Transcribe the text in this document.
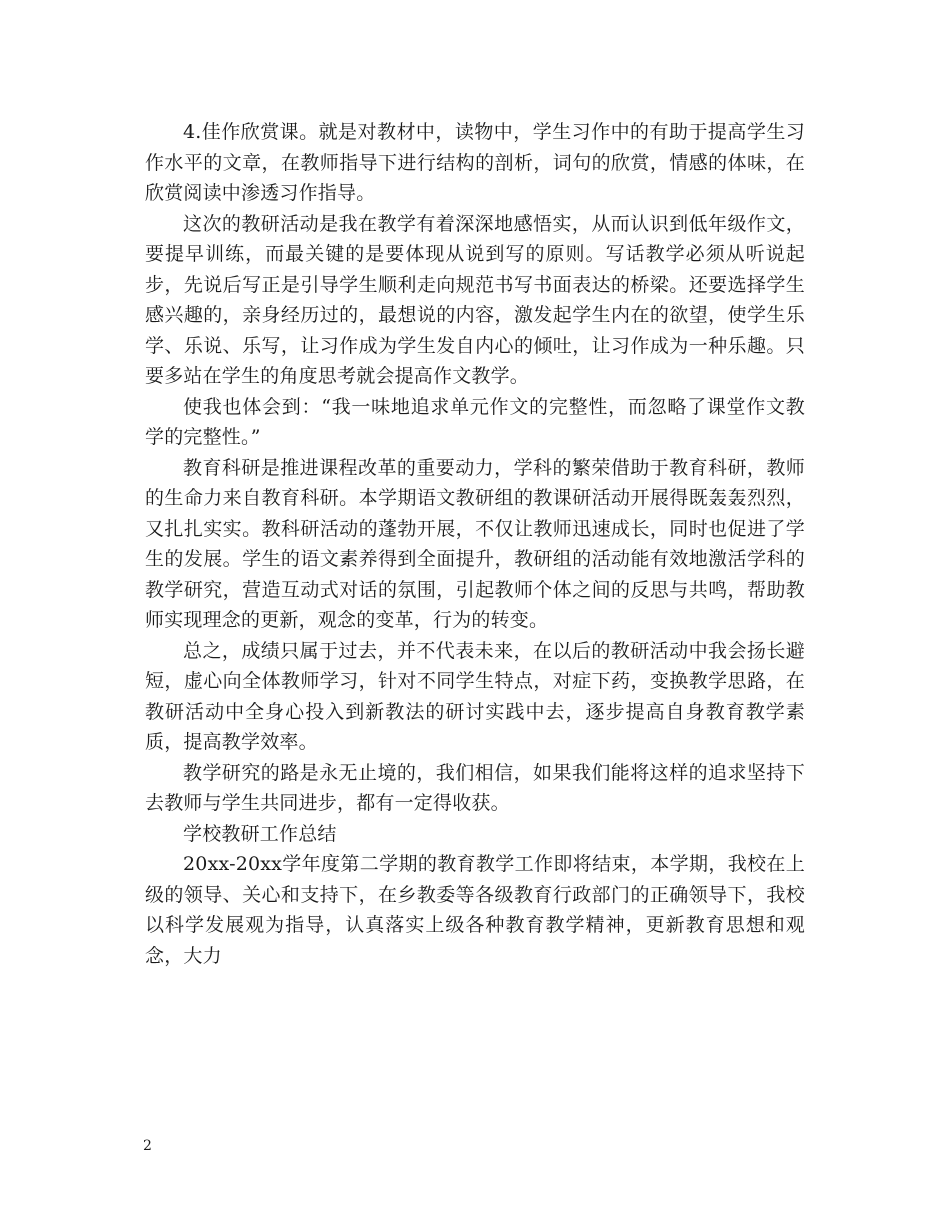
4.佳作欣赏课。就是对教材中，读物中，学生习作中的有助于提高学生习作水平的文章，在教师指导下进行结构的剖析，词句的欣赏，情感的体味，在欣赏阅读中渗透习作指导。

这次的教研活动是我在教学有着深深地感悟实，从而认识到低年级作文，要提早训练，而最关键的是要体现从说到写的原则。写话教学必须从听说起步，先说后写正是引导学生顺利走向规范书写书面表达的桥梁。还要选择学生感兴趣的，亲身经历过的，最想说的内容，激发起学生内在的欲望，使学生乐学、乐说、乐写，让习作成为学生发自内心的倾吐，让习作成为一种乐趣。只要多站在学生的角度思考就会提高作文教学。

使我也体会到：“我一味地追求单元作文的完整性，而忽略了课堂作文教学的完整性。”

教育科研是推进课程改革的重要动力，学科的繁荣借助于教育科研，教师的生命力来自教育科研。本学期语文教研组的教课研活动开展得既轰轰烈烈，又扎扎实实。教科研活动的蓬勃开展，不仅让教师迅速成长，同时也促进了学生的发展。学生的语文素养得到全面提升，教研组的活动能有效地激活学科的教学研究，营造互动式对话的氛围，引起教师个体之间的反思与共鸣，帮助教师实现理念的更新，观念的变革，行为的转变。

总之，成绩只属于过去，并不代表未来，在以后的教研活动中我会扬长避短，虚心向全体教师学习，针对不同学生特点，对症下药，变换教学思路，在教研活动中全身心投入到新教法的研讨实践中去，逐步提高自身教育教学素质，提高教学效率。

教学研究的路是永无止境的，我们相信，如果我们能将这样的追求坚持下去教师与学生共同进步，都有一定得收获。

学校教研工作总结

20xx-20xx学年度第二学期的教育教学工作即将结束，本学期，我校在上级的领导、关心和支持下，在乡教委等各级教育行政部门的正确领导下，我校以科学发展观为指导，认真落实上级各种教育教学精神，更新教育思想和观念，大力

2
